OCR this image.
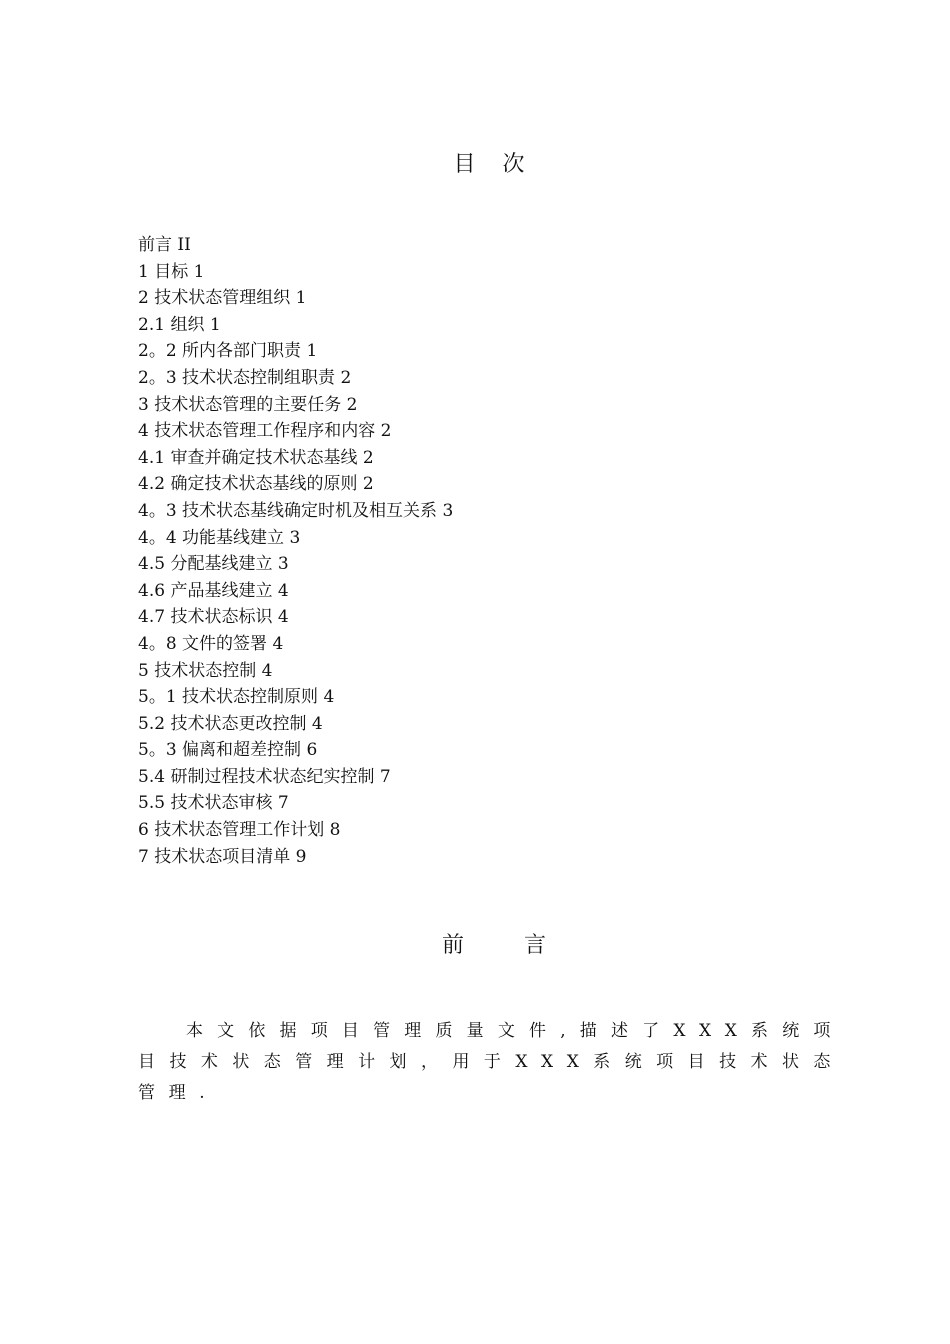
目 次
前言 II
1 目标 1
2 技术状态管理组织 1
2.1 组织 1
2。2 所内各部门职责 1
2。3 技术状态控制组职责 2
3 技术状态管理的主要任务 2
4 技术状态管理工作程序和内容 2
4.1 审查并确定技术状态基线 2
4.2 确定技术状态基线的原则 2
4。3 技术状态基线确定时机及相互关系 3
4。4 功能基线建立 3
4.5 分配基线建立 3
4.6 产品基线建立 4
4.7 技术状态标识 4
4。8 文件的签署 4
5 技术状态控制 4
5。1 技术状态控制原则 4
5.2 技术状态更改控制 4
5。3 偏离和超差控制 6
5.4 研制过程技术状态纪实控制 7
5.5 技术状态审核 7
6 技术状态管理工作计划 8
7 技术状态项目清单 9
前言

本文依据项目管理质量文件,描述了XXX系统项目技术状态管理计划，用于XXX系统项目技术状态管理.
